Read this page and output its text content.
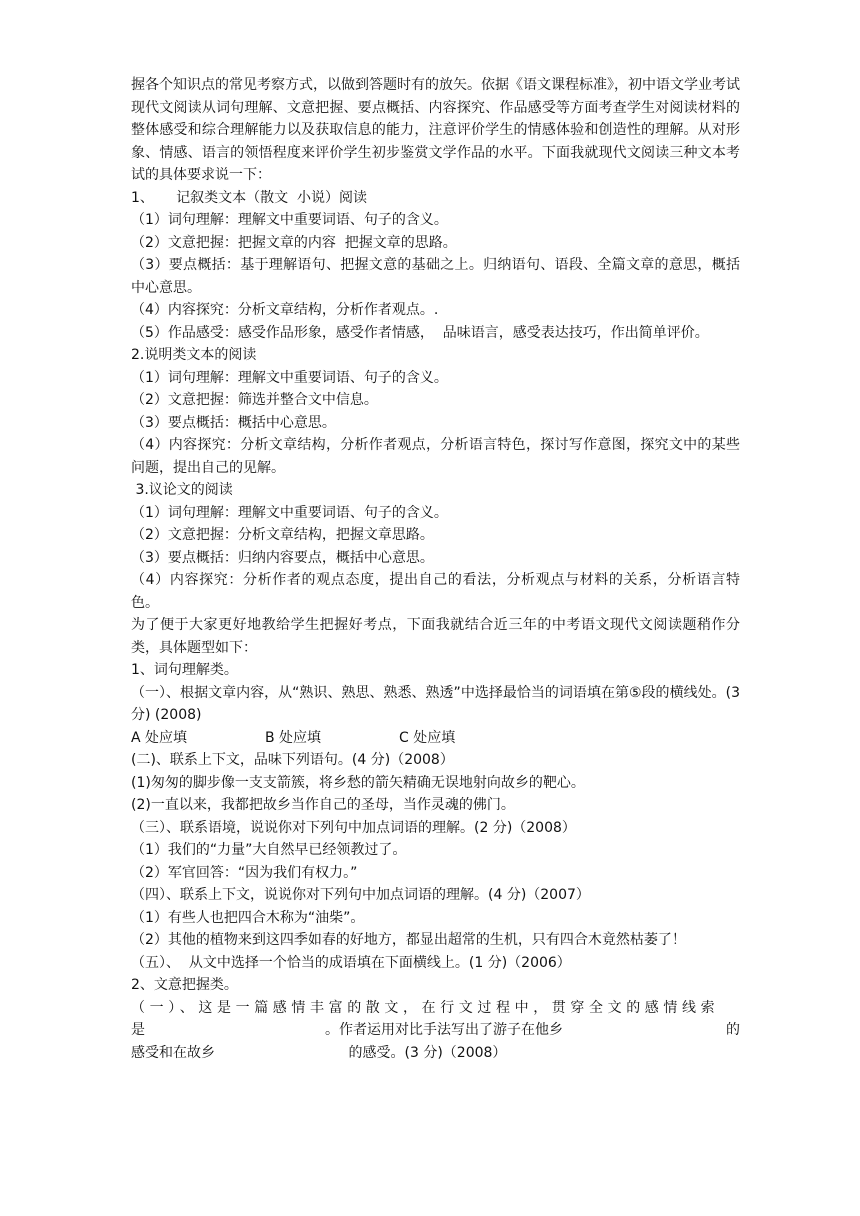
握各个知识点的常见考察方式，以做到答题时有的放矢。依据《语文课程标准》，初中语文学业考试现代文阅读从词句理解、文意把握、要点概括、内容探究、作品感受等方面考查学生对阅读材料的整体感受和综合理解能力以及获取信息的能力，注意评价学生的情感体验和创造性的理解。从对形象、情感、语言的领悟程度来评价学生初步鉴赏文学作品的水平。下面我就现代文阅读三种文本考试的具体要求说一下：

1、     记叙类文本（散文  小说）阅读

（1）词句理解：理解文中重要词语、句子的含义。

（2）文意把握：把握文章的内容  把握文章的思路。

（3）要点概括：基于理解语句、把握文意的基础之上。归纳语句、语段、全篇文章的意思，概括中心意思。

（4）内容探究：分析文章结构，分析作者观点。.

（5）作品感受：感受作品形象，感受作者情感，  品味语言，感受表达技巧，作出简单评价。

2.说明类文本的阅读

（1）词句理解：理解文中重要词语、句子的含义。

（2）文意把握：筛选并整合文中信息。

（3）要点概括：概括中心意思。

（4）内容探究：分析文章结构，分析作者观点，分析语言特色，探讨写作意图，探究文中的某些问题，提出自己的见解。

3.议论文的阅读

（1）词句理解：理解文中重要词语、句子的含义。

（2）文意把握：分析文章结构，把握文章思路。

（3）要点概括：归纳内容要点，概括中心意思。

（4）内容探究：分析作者的观点态度，提出自己的看法，分析观点与材料的关系，分析语言特色。

为了便于大家更好地教给学生把握好考点，下面我就结合近三年的中考语文现代文阅读题稍作分类，具体题型如下：

1、词句理解类。

（一）、根据文章内容，从“熟识、熟思、熟悉、熟透”中选择最恰当的词语填在第⑤段的横线处。(3 分) (2008)

A 处应填	B 处应填	C 处应填

(二)、联系上下文，品味下列语句。(4 分)（2008）

(1)匆匆的脚步像一支支箭簇，将乡愁的箭矢精确无误地射向故乡的靶心。

(2)一直以来，我都把故乡当作自己的圣母，当作灵魂的佛门。

（三）、联系语境，说说你对下列句中加点词语的理解。(2 分)（2008）

（1）我们的“力量”大自然早已经领教过了。

（2）军官回答：“因为我们有权力。”

（四）、联系上下文，说说你对下列句中加点词语的理解。(4 分)（2007）

（1）有些人也把四合木称为“油柴”。

（2）其他的植物来到这四季如春的好地方，都显出超常的生机，只有四合木竟然枯萎了！

（五）、  从文中选择一个恰当的成语填在下面横线上。(1 分)（2006）

2、文意把握类。

（一）、这是一篇感情丰富的散文，在行文过程中，贯穿全文的感情线索

是	。作者运用对比手法写出了游子在他乡	的

感受和在故乡                              的感受。(3 分)（2008）
